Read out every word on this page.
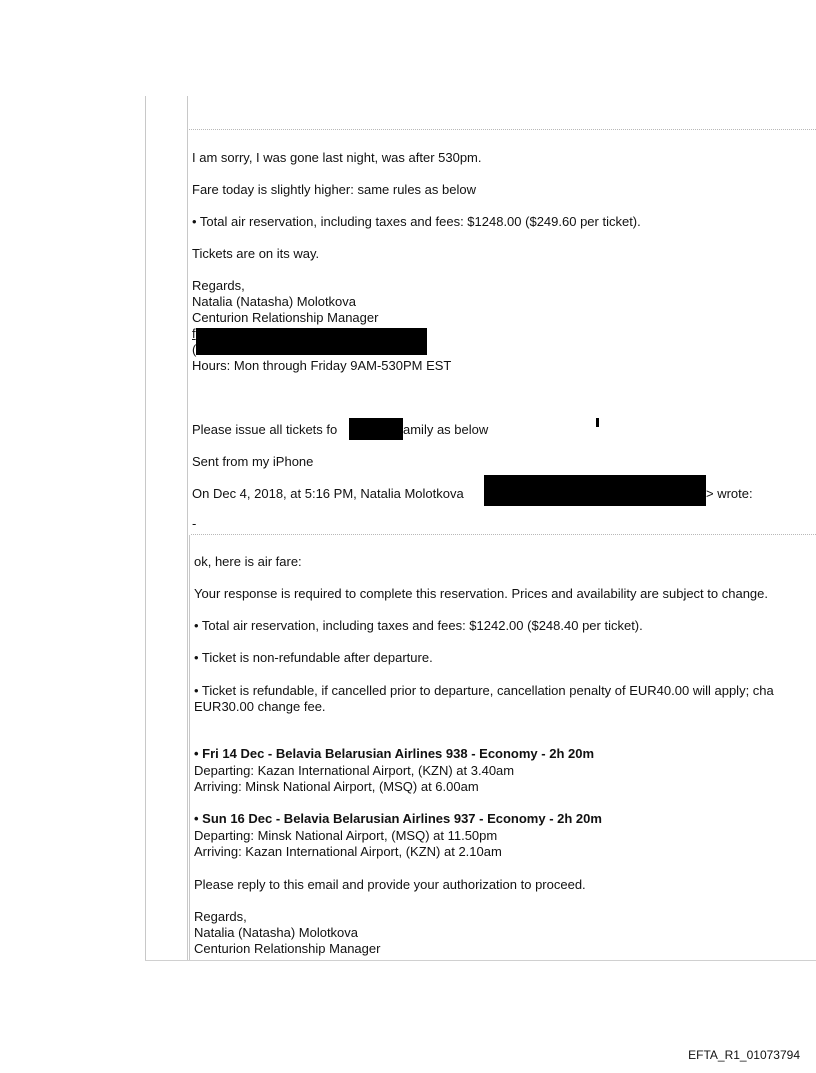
I am sorry, I was gone last night, was after 530pm.
Fare today is slightly higher: same rules as below
• Total air reservation, including taxes and fees: $1248.00 ($249.60 per ticket).
Tickets are on its way.
Regards,
Natalia (Natasha) Molotkova
Centurion Relationship Manager
f
(
Hours: Mon through Friday 9AM-530PM EST
Please issue all tickets fo	amily as below
Sent from my iPhone
On Dec 4, 2018, at 5:16 PM, Natalia Molotkova	> wrote:
-
ok, here is air fare:
Your response is required to complete this reservation. Prices and availability are subject to change.
• Total air reservation, including taxes and fees: $1242.00 ($248.40 per ticket).
• Ticket is non-refundable after departure.
• Ticket is refundable, if cancelled prior to departure, cancellation penalty of EUR40.00 will apply; cha
EUR30.00 change fee.
• Fri 14 Dec - Belavia Belarusian Airlines 938 - Economy - 2h 20m
Departing: Kazan International Airport, (KZN) at 3.40am
Arriving: Minsk National Airport, (MSQ) at 6.00am
• Sun 16 Dec - Belavia Belarusian Airlines 937 - Economy - 2h 20m
Departing: Minsk National Airport, (MSQ) at 11.50pm
Arriving: Kazan International Airport, (KZN) at 2.10am
Please reply to this email and provide your authorization to proceed.
Regards,
Natalia (Natasha) Molotkova
Centurion Relationship Manager
EFTA_R1_01073794
